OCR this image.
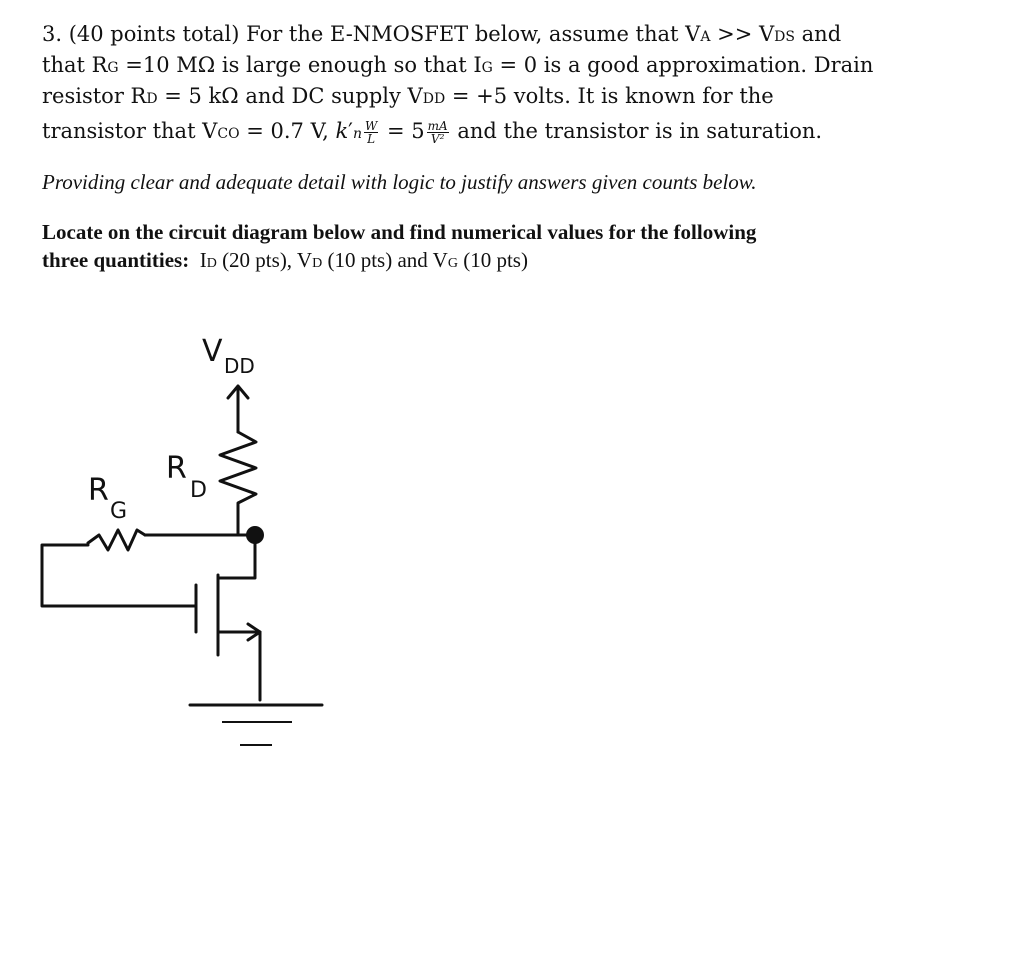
3. (40 points total) For the E-NMOSFET below, assume that VA >> VDS and

that RG =10 MΩ is large enough so that IG = 0 is a good approximation. Drain

resistor RD = 5 kΩ and DC supply VDD = +5 volts. It is known for the

transistor that VCO = 0.7 V, $k'n \frac{W}{L} = 5 \frac{mA}{\text{V²}}$ and the transistor is in saturation.

Providing clear and adequate detail with logic to justify answers given counts below.
Locate on the circuit diagram below and find numerical values for the following
three quantities: ID (20 pts), VD (10 pts) and VG (10 pts)
V DD
R
D
R
G
